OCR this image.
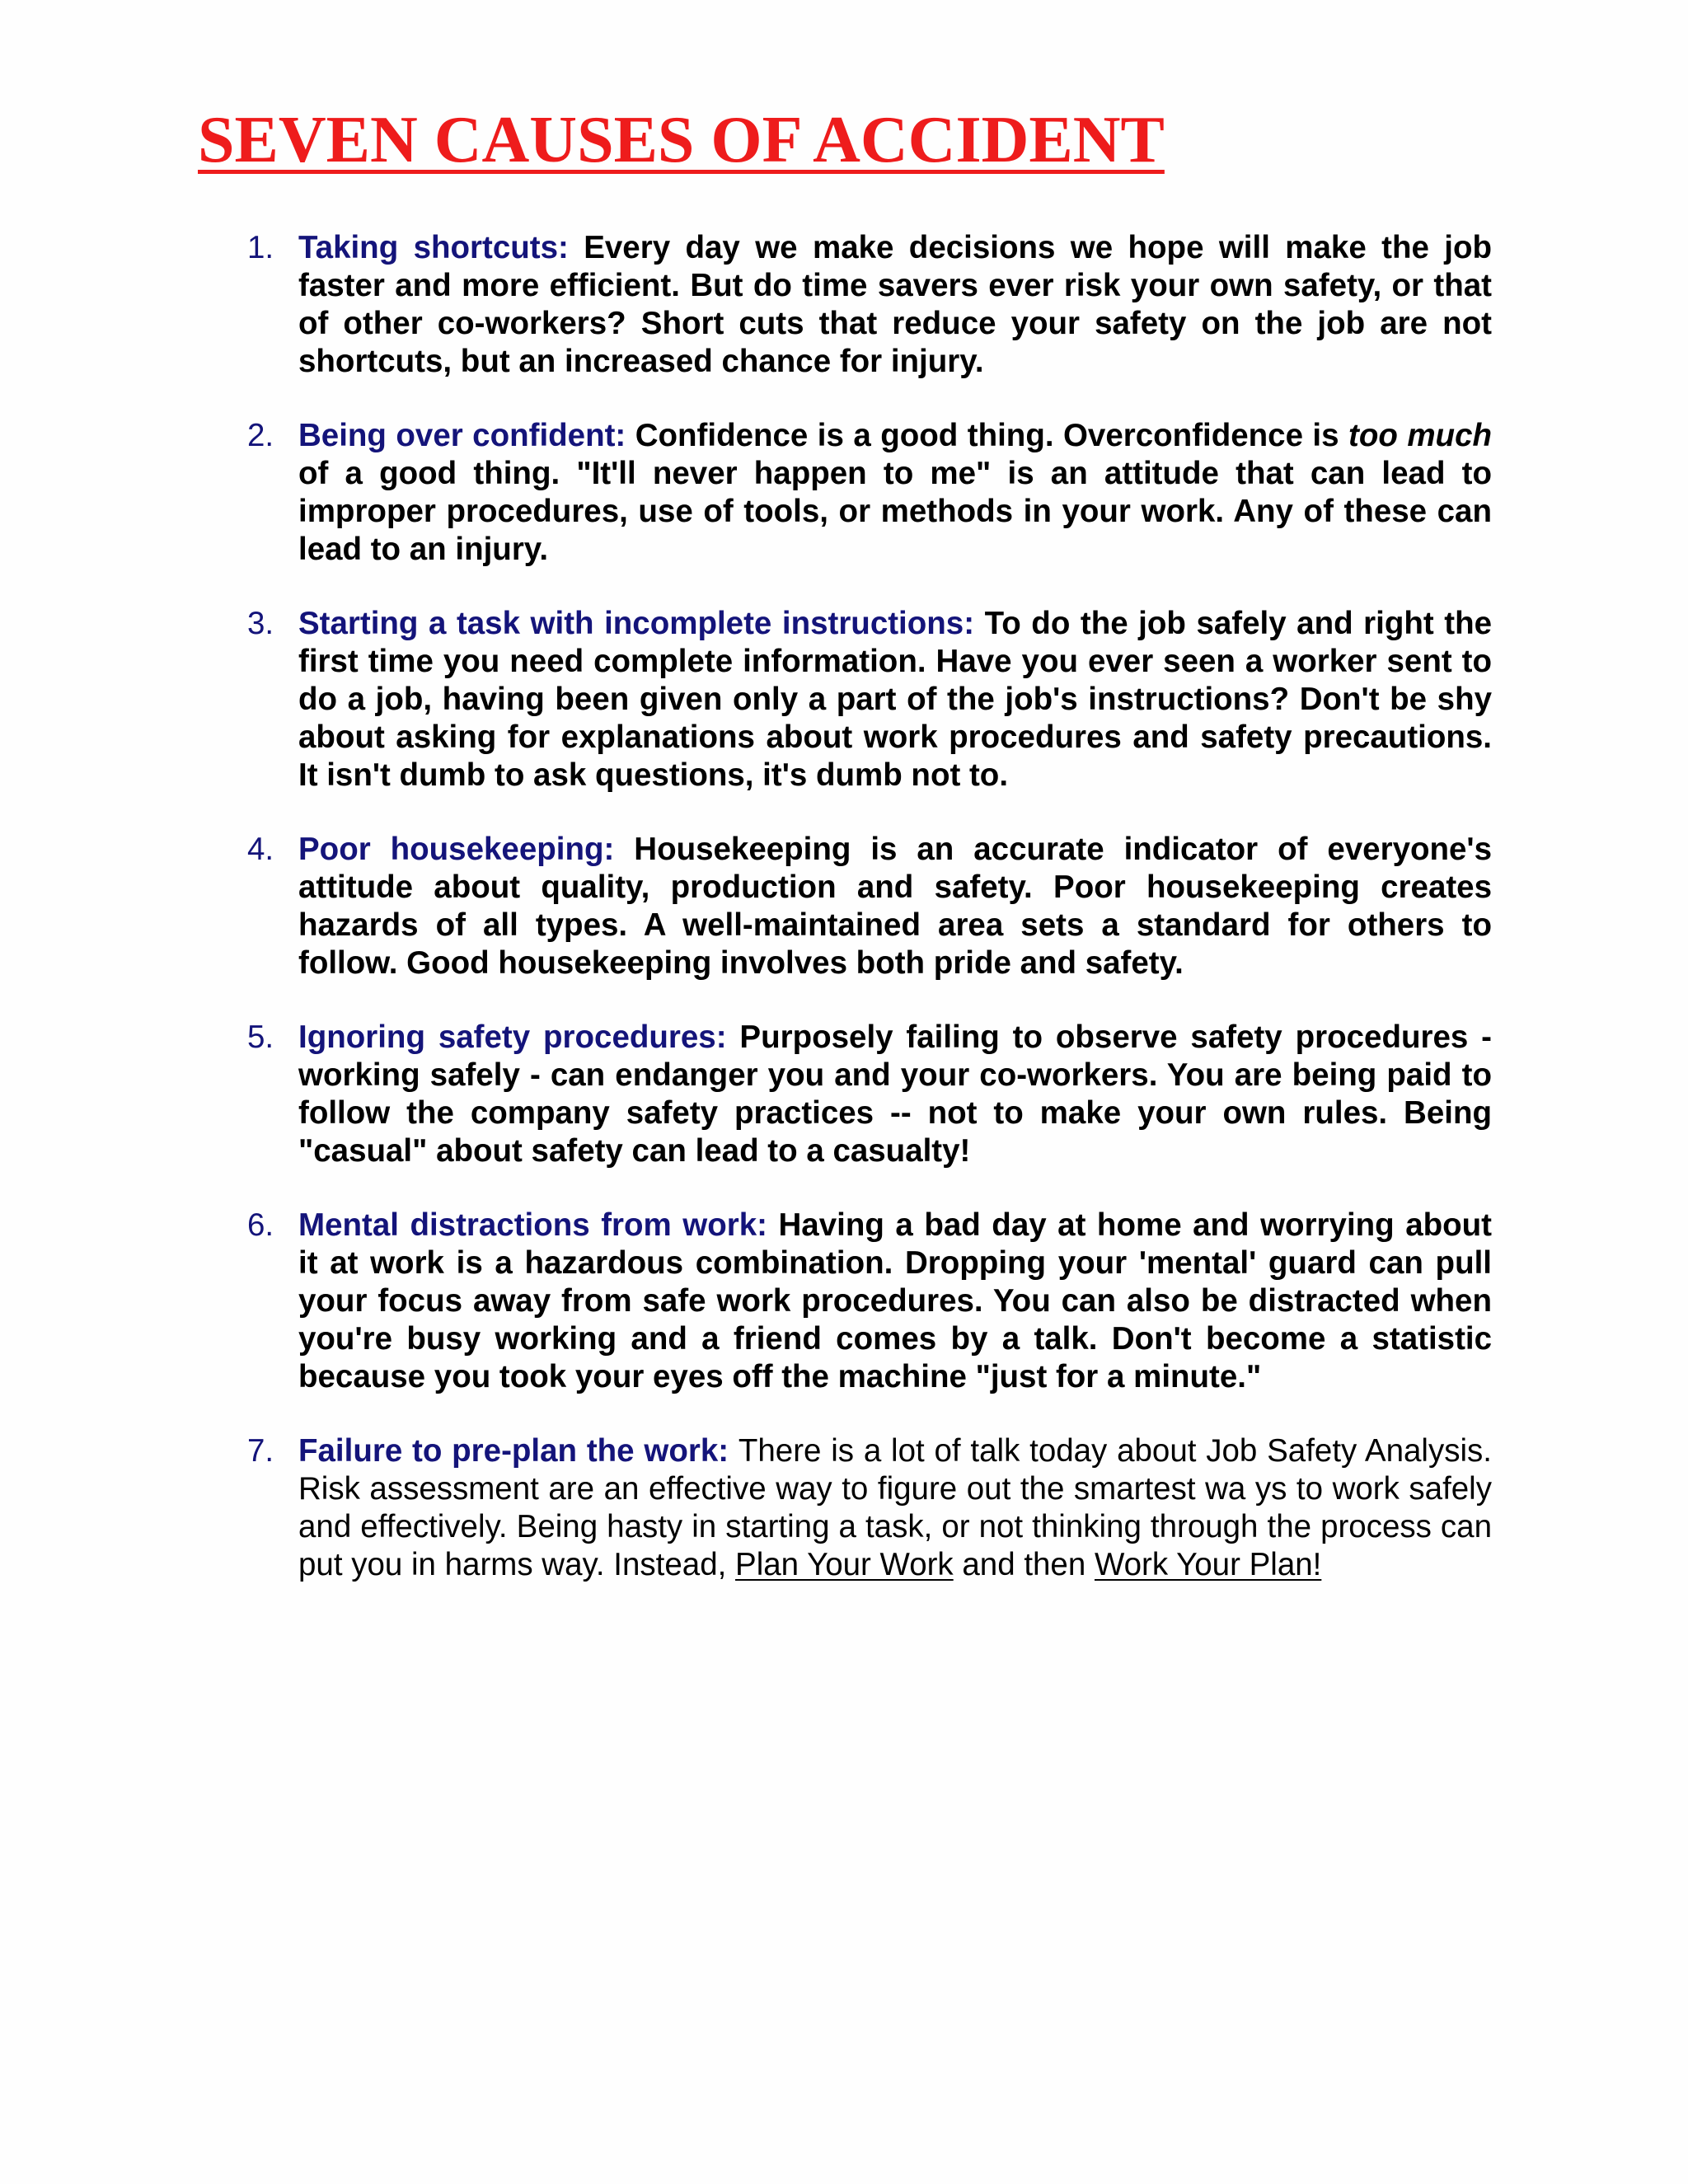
SEVEN CAUSES OF ACCIDENT
1. Taking shortcuts: Every day we make decisions we hope will make the job faster and more efficient. But do time savers ever risk your own safety, or that of other co-workers? Short cuts that reduce your safety on the job are not shortcuts, but an increased chance for injury.
2. Being over confident: Confidence is a good thing. Overconfidence is too much of a good thing. "It'll never happen to me" is an attitude that can lead to improper procedures, use of tools, or methods in your work. Any of these can lead to an injury.
3. Starting a task with incomplete instructions: To do the job safely and right the first time you need complete information. Have you ever seen a worker sent to do a job, having been given only a part of the job's instructions? Don't be shy about asking for explanations about work procedures and safety precautions. It isn't dumb to ask questions, it's dumb not to.
4. Poor housekeeping: Housekeeping is an accurate indicator of everyone's attitude about quality, production and safety. Poor housekeeping creates hazards of all types. A well-maintained area sets a standard for others to follow. Good housekeeping involves both pride and safety.
5. Ignoring safety procedures: Purposely failing to observe safety procedures - working safely - can endanger you and your co-workers. You are being paid to follow the company safety practices -- not to make your own rules. Being "casual" about safety can lead to a casualty!
6. Mental distractions from work: Having a bad day at home and worrying about it at work is a hazardous combination. Dropping your 'mental' guard can pull your focus away from safe work procedures. You can also be distracted when you're busy working and a friend comes by a talk. Don't become a statistic because you took your eyes off the machine "just for a minute."
7. Failure to pre-plan the work: There is a lot of talk today about Job Safety Analysis. Risk assessment are an effective way to figure out the smartest wa ys to work safely and effectively. Being hasty in starting a task, or not thinking through the process can put you in harms way. Instead, Plan Your Work and then Work Your Plan!
